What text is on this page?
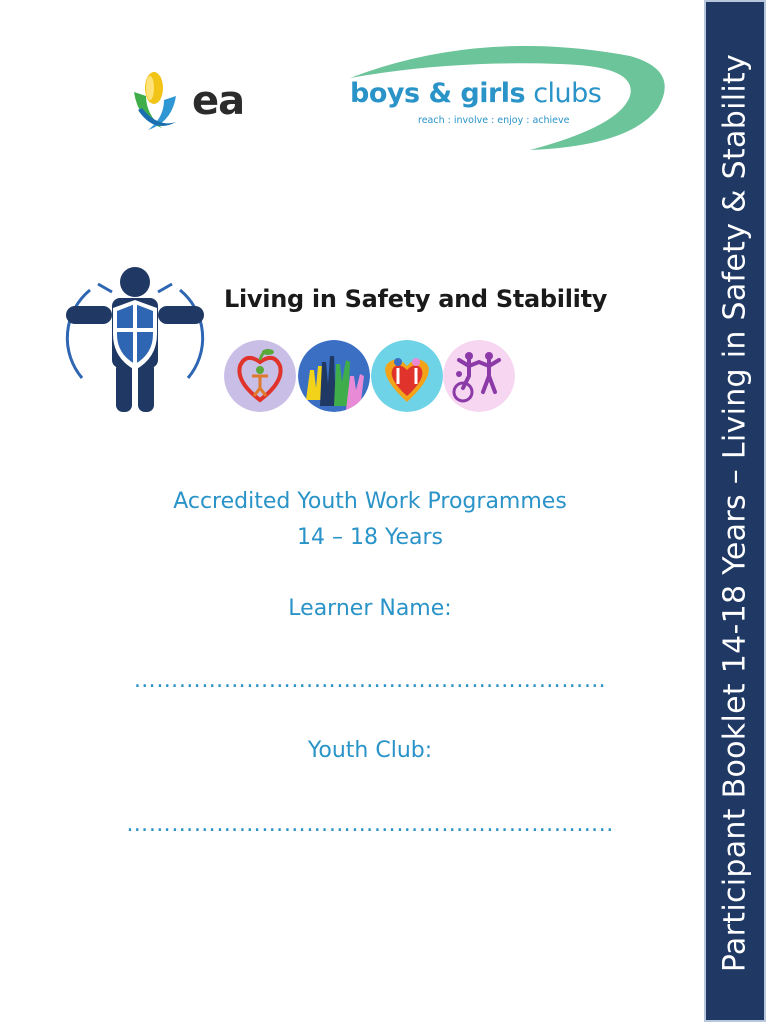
ea	boys & girls clubs
reach : involve : enjoy : achieve
Living in Safety and Stability
Accredited Youth Work Programmes
14 – 18 Years
Learner Name:
………………………………………………………
Youth Club:
………………………………………………………..	Participant Booklet 14-18 Years – Living in Safety & Stability
